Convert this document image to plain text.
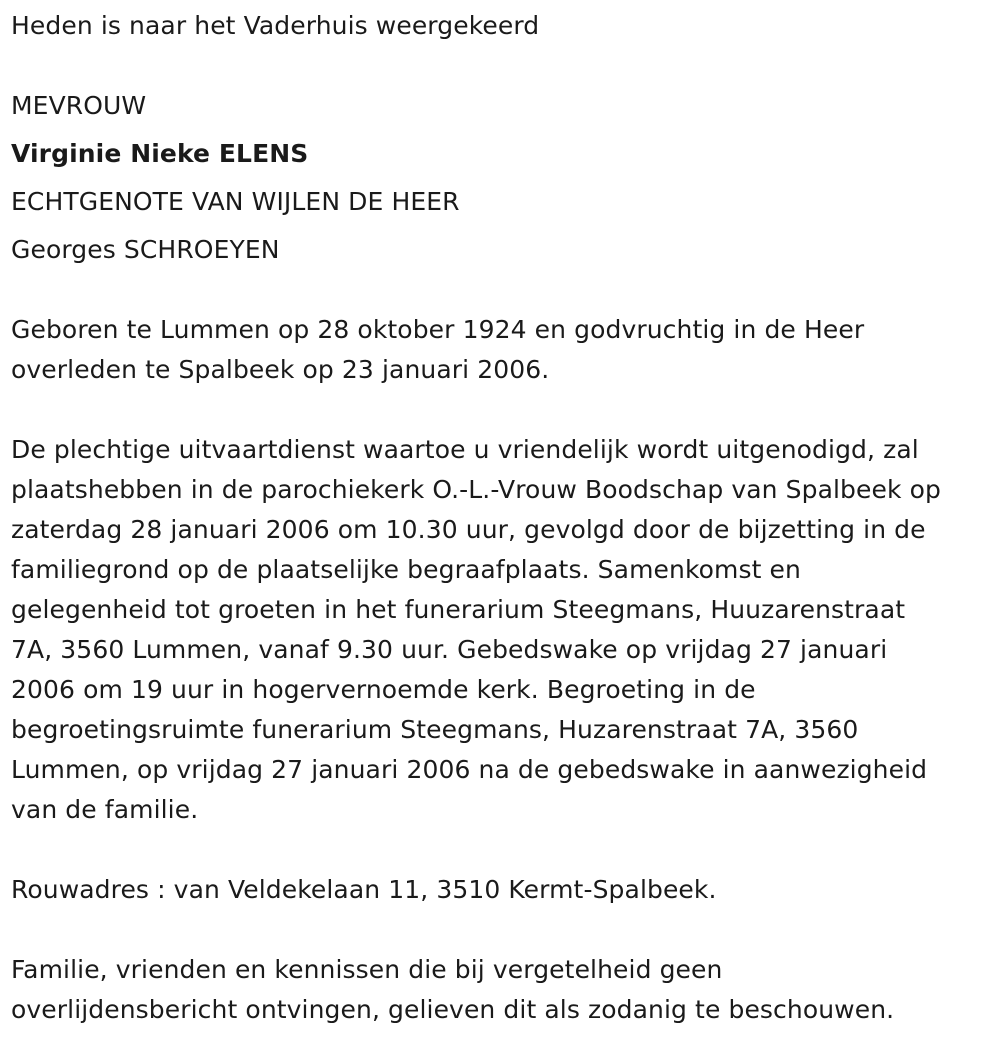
Heden is naar het Vaderhuis weergekeerd
MEVROUW
Virginie Nieke ELENS
ECHTGENOTE VAN WIJLEN DE HEER
Georges SCHROEYEN
Geboren te Lummen op 28 oktober 1924 en godvruchtig in de Heer
overleden te Spalbeek op 23 januari 2006.
De plechtige uitvaartdienst waartoe u vriendelijk wordt uitgenodigd, zal
plaatshebben in de parochiekerk O.-L.-Vrouw Boodschap van Spalbeek op
zaterdag 28 januari 2006 om 10.30 uur, gevolgd door de bijzetting in de
familiegrond op de plaatselijke begraafplaats. Samenkomst en
gelegenheid tot groeten in het funerarium Steegmans, Huuzarenstraat
7A, 3560 Lummen, vanaf 9.30 uur. Gebedswake op vrijdag 27 januari
2006 om 19 uur in hogervernoemde kerk. Begroeting in de
begroetingsruimte funerarium Steegmans, Huzarenstraat 7A, 3560
Lummen, op vrijdag 27 januari 2006 na de gebedswake in aanwezigheid
van de familie.
Rouwadres : van Veldekelaan 11, 3510 Kermt-Spalbeek.
Familie, vrienden en kennissen die bij vergetelheid geen
overlijdensbericht ontvingen, gelieven dit als zodanig te beschouwen.
